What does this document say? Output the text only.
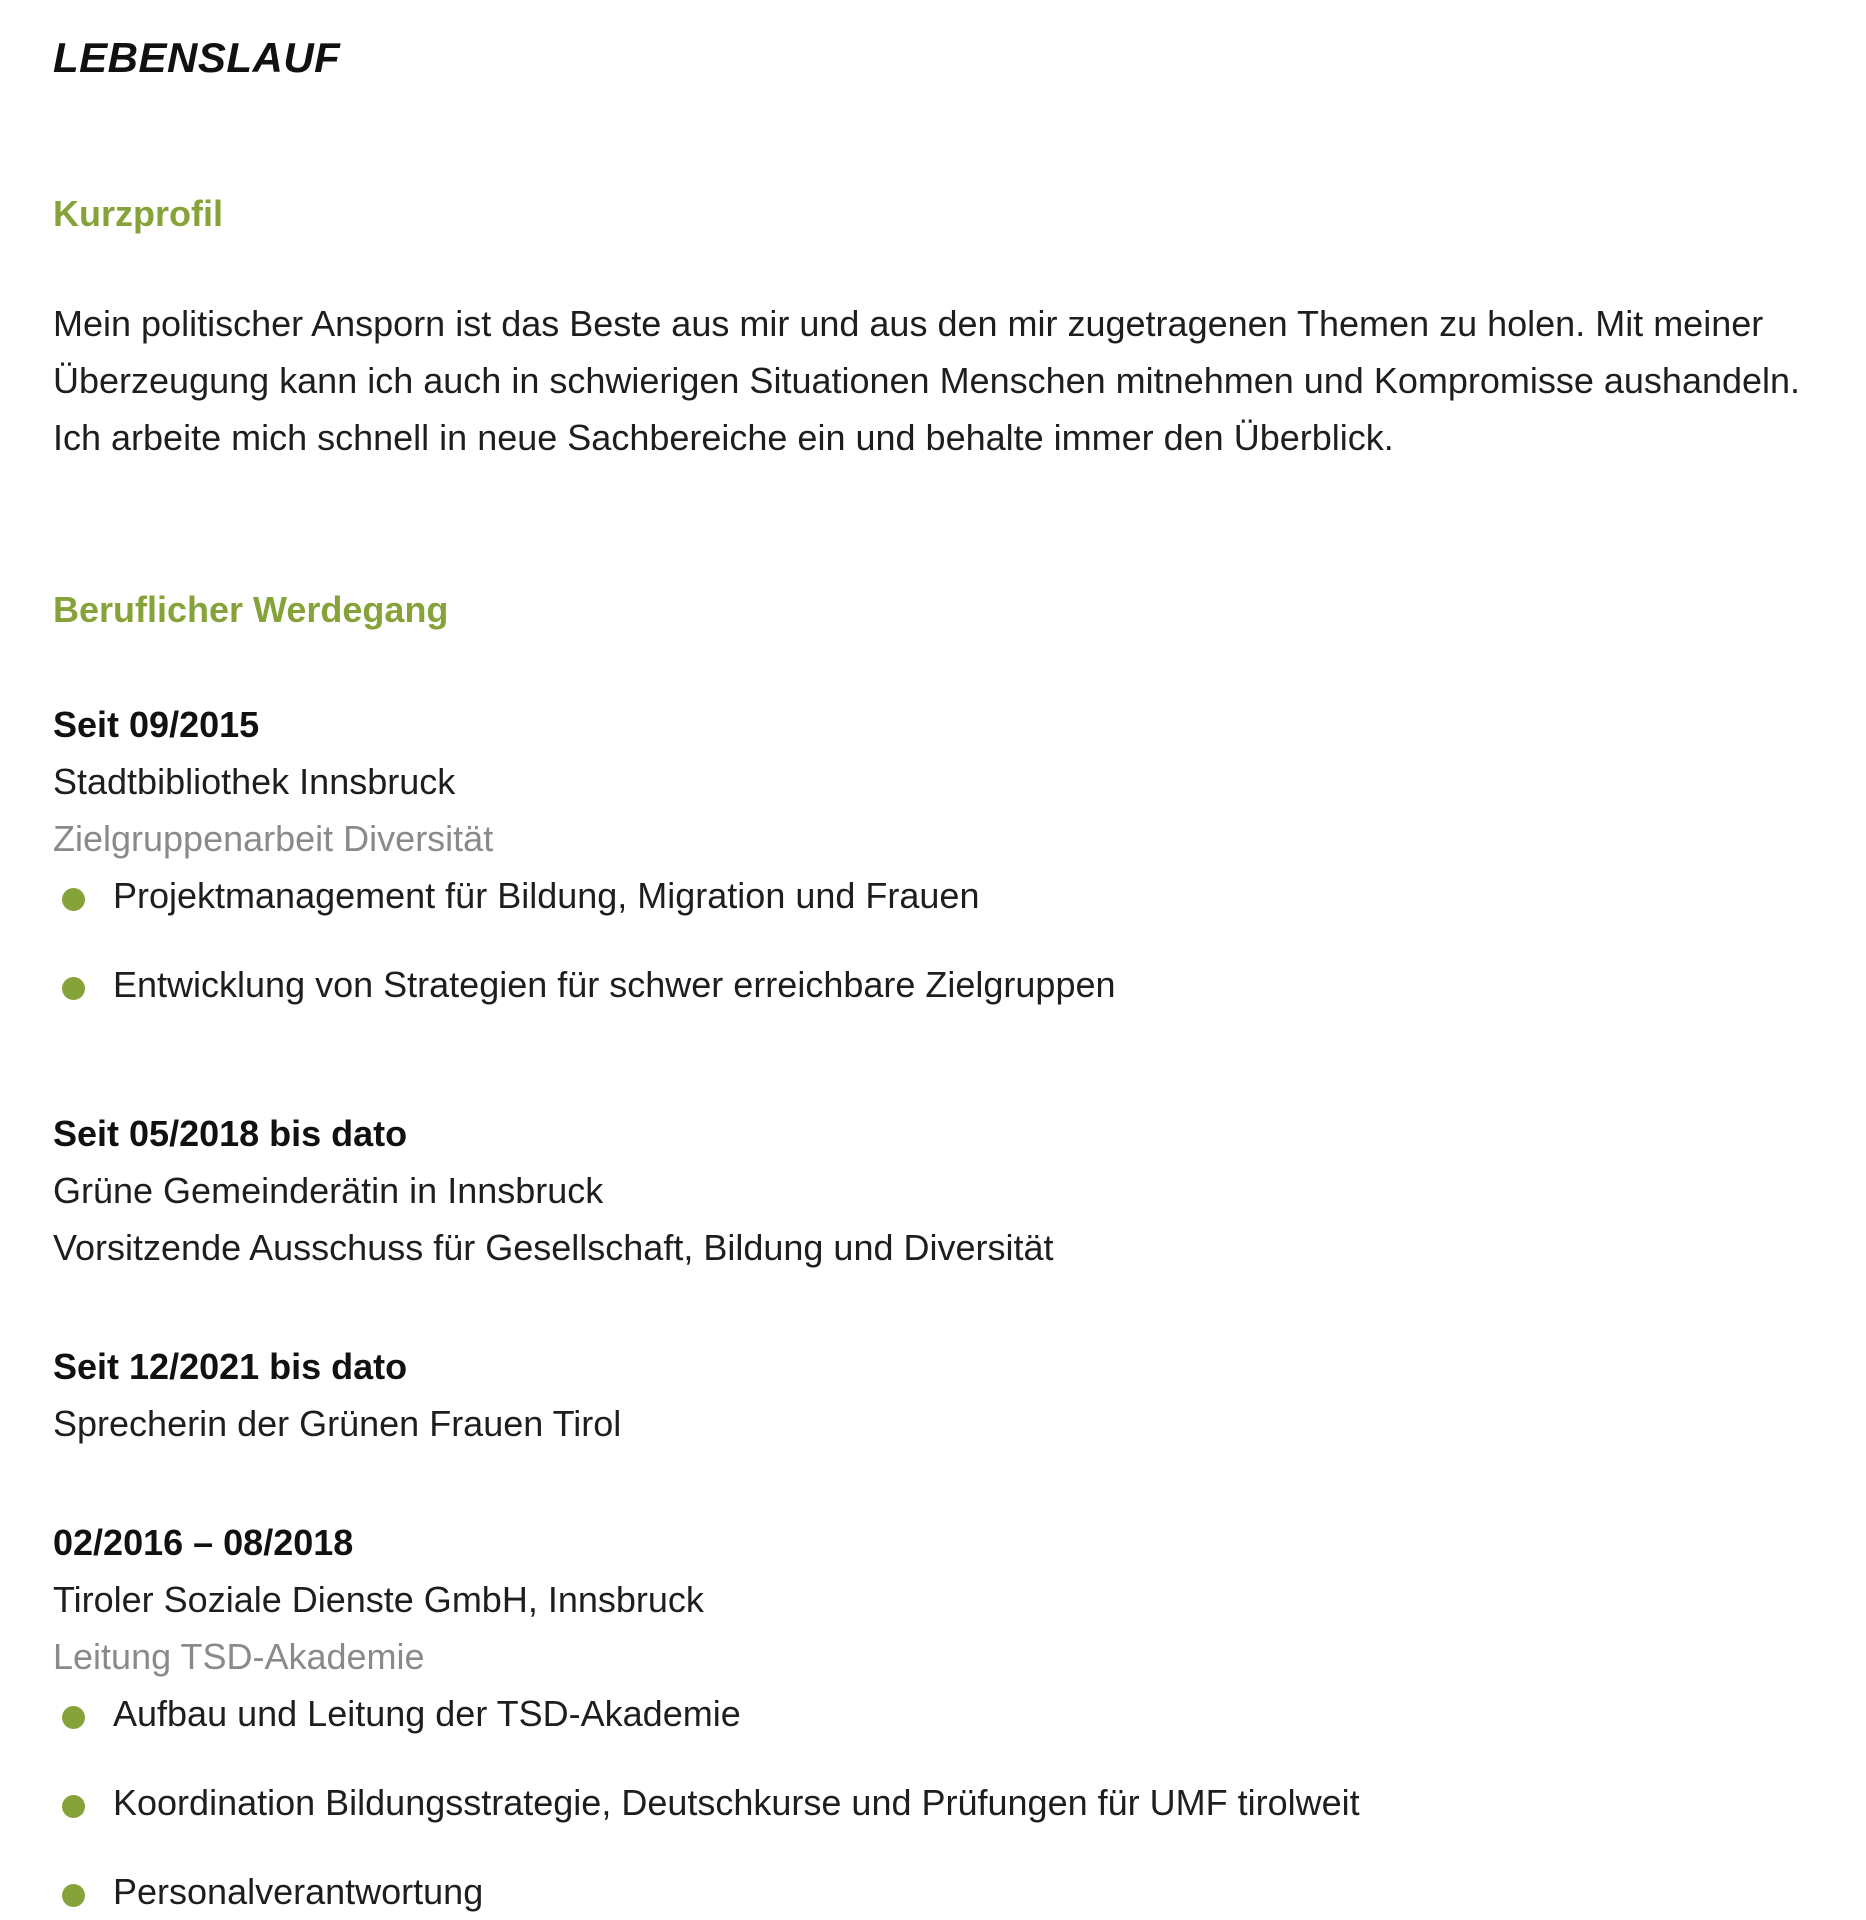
LEBENSLAUF
Kurzprofil

Mein politischer Ansporn ist das Beste aus mir und aus den mir zugetragenen Themen zu holen. Mit meiner Überzeugung kann ich auch in schwierigen Situationen Menschen mitnehmen und Kompromisse aushandeln. Ich arbeite mich schnell in neue Sachbereiche ein und behalte immer den Überblick.

Beruflicher Werdegang
Seit 09/2015
Stadtbibliothek Innsbruck
Zielgruppenarbeit Diversität
Projektmanagement für Bildung, Migration und Frauen
Entwicklung von Strategien für schwer erreichbare Zielgruppen
Seit 05/2018 bis dato
Grüne Gemeinderätin in Innsbruck
Vorsitzende Ausschuss für Gesellschaft, Bildung und Diversität
Seit 12/2021 bis dato
Sprecherin der Grünen Frauen Tirol
02/2016 – 08/2018
Tiroler Soziale Dienste GmbH, Innsbruck
Leitung TSD-Akademie
Aufbau und Leitung der TSD-Akademie
Koordination Bildungsstrategie, Deutschkurse und Prüfungen für UMF tirolweit
Personalverantwortung
